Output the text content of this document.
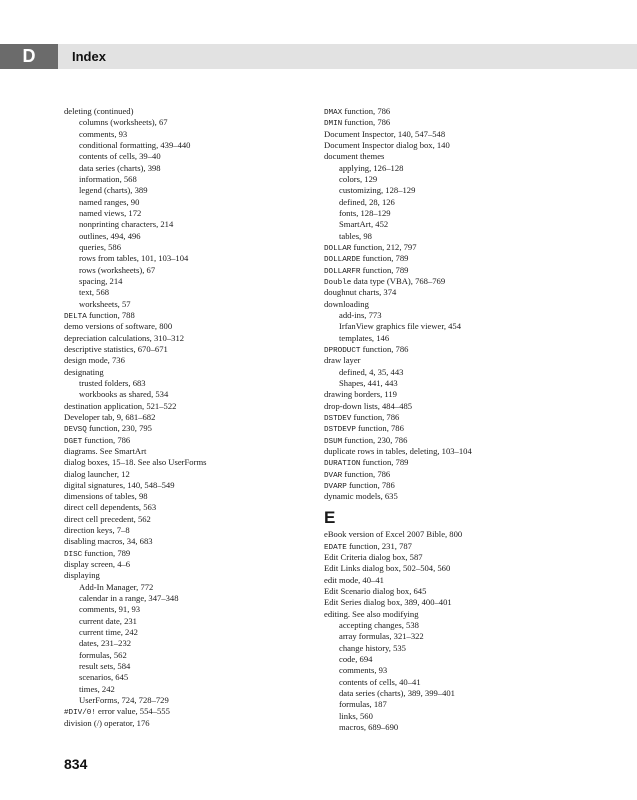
D	Index
deleting (continued)
columns (worksheets), 67
comments, 93
conditional formatting, 439–440
contents of cells, 39–40
data series (charts), 398
information, 568
legend (charts), 389
named ranges, 90
named views, 172
nonprinting characters, 214
outlines, 494, 496
queries, 586
rows from tables, 101, 103–104
rows (worksheets), 67
spacing, 214
text, 568
worksheets, 57
DELTA function, 788
demo versions of software, 800
depreciation calculations, 310–312
descriptive statistics, 670–671
design mode, 736
designating
trusted folders, 683
workbooks as shared, 534
destination application, 521–522
Developer tab, 9, 681–682
DEVSQ function, 230, 795
DGET function, 786
diagrams. See SmartArt
dialog boxes, 15–18. See also UserForms
dialog launcher, 12
digital signatures, 140, 548–549
dimensions of tables, 98
direct cell dependents, 563
direct cell precedent, 562
direction keys, 7–8
disabling macros, 34, 683
DISC function, 789
display screen, 4–6
displaying
Add-In Manager, 772
calendar in a range, 347–348
comments, 91, 93
current date, 231
current time, 242
dates, 231–232
formulas, 562
result sets, 584
scenarios, 645
times, 242
UserForms, 724, 728–729
#DIV/0! error value, 554–555
division (/) operator, 176
DMAX function, 786
DMIN function, 786
Document Inspector, 140, 547–548
Document Inspector dialog box, 140
document themes
applying, 126–128
colors, 129
customizing, 128–129
defined, 28, 126
fonts, 128–129
SmartArt, 452
tables, 98
DOLLAR function, 212, 797
DOLLARDE function, 789
DOLLARFR function, 789
Double data type (VBA), 768–769
doughnut charts, 374
downloading
add-ins, 773
IrfanView graphics file viewer, 454
templates, 146
DPRODUCT function, 786
draw layer
defined, 4, 35, 443
Shapes, 441, 443
drawing borders, 119
drop-down lists, 484–485
DSTDEV function, 786
DSTDEVP function, 786
DSUM function, 230, 786
duplicate rows in tables, deleting, 103–104
DURATION function, 789
DVAR function, 786
DVARP function, 786
dynamic models, 635
E
eBook version of Excel 2007 Bible, 800
EDATE function, 231, 787
Edit Criteria dialog box, 587
Edit Links dialog box, 502–504, 560
edit mode, 40–41
Edit Scenario dialog box, 645
Edit Series dialog box, 389, 400–401
editing. See also modifying
accepting changes, 538
array formulas, 321–322
change history, 535
code, 694
comments, 93
contents of cells, 40–41
data series (charts), 389, 399–401
formulas, 187
links, 560
macros, 689–690
834
